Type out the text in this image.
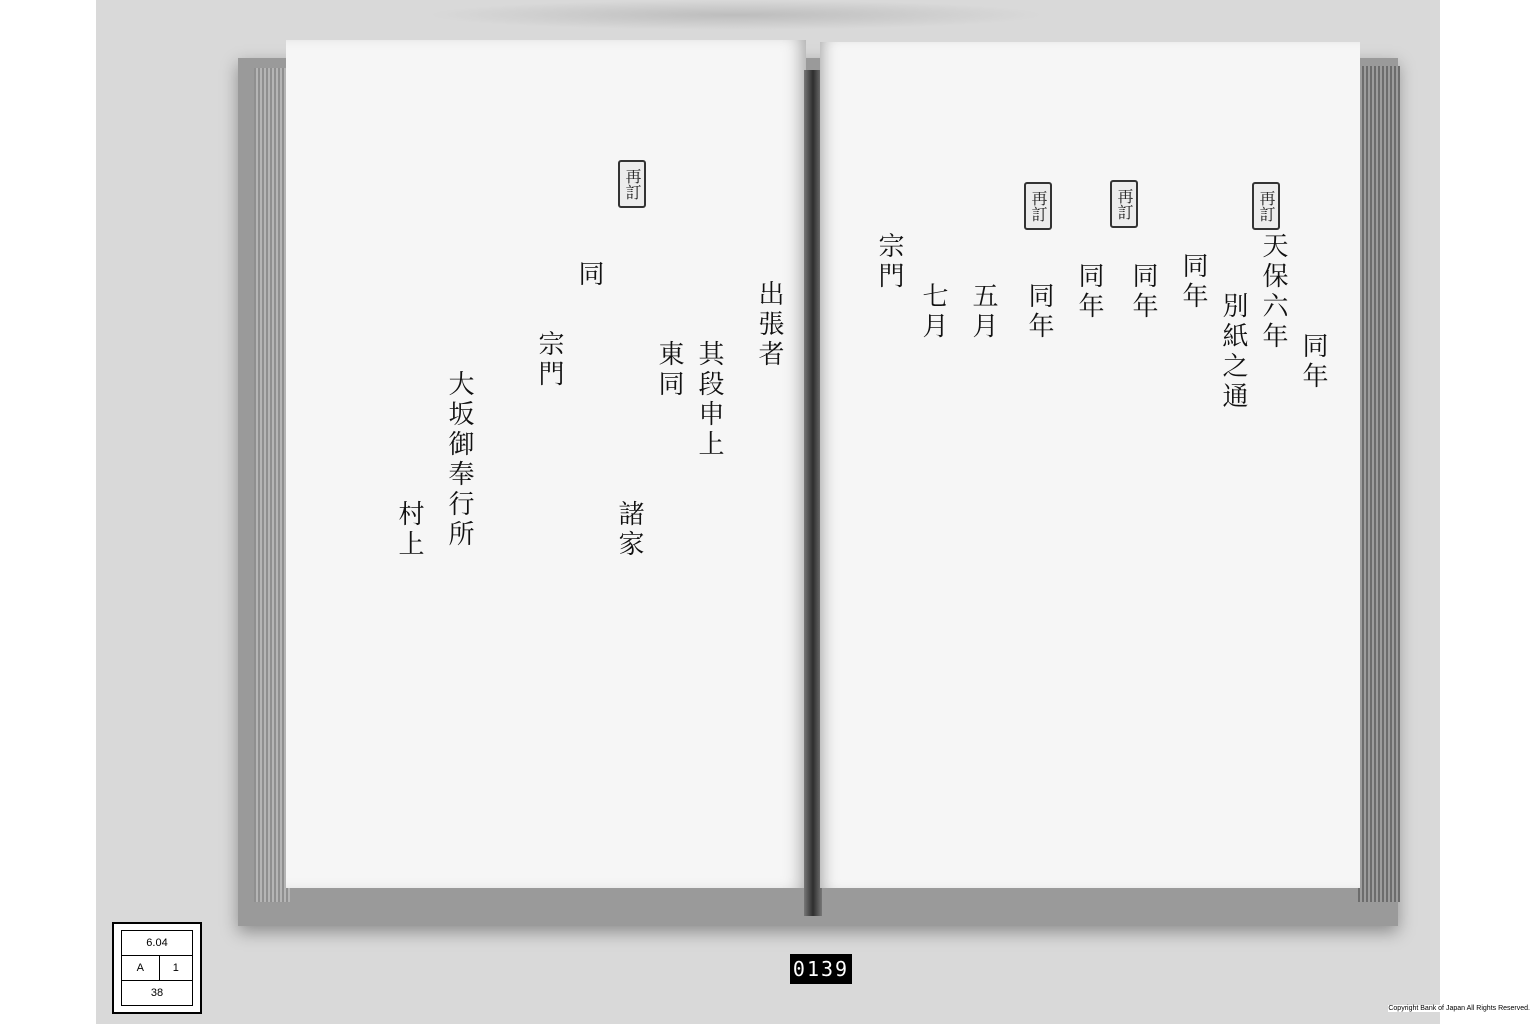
再訂
出張者
其段申上
東同
諸家
同
宗門
大坂御奉行所
村上
再訂	再訂	再訂
天保六年
同年
別紙之通
同年
同年
同年
同年
五月
七月
宗門
6.04
A	1
38
0139
Copyright Bank of Japan All Rights Reserved.
